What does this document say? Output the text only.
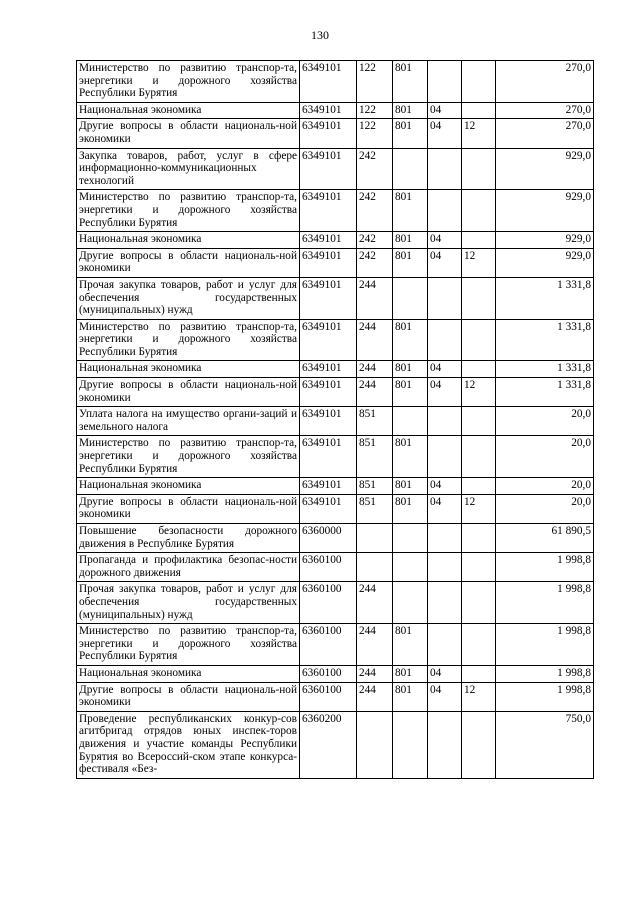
130
Министерство по развитию транспор-та, энергетики и дорожного хозяйства Республики Бурятия	6349101	122	801			270,0
Национальная экономика	6349101	122	801	04		270,0
Другие вопросы в области националь-ной экономики	6349101	122	801	04	12	270,0
Закупка товаров, работ, услуг в сфере информационно-коммуникационных технологий	6349101	242				929,0
Министерство по развитию транспор-та, энергетики и дорожного хозяйства Республики Бурятия	6349101	242	801			929,0
Национальная экономика	6349101	242	801	04		929,0
Другие вопросы в области националь-ной экономики	6349101	242	801	04	12	929,0
Прочая закупка товаров, работ и услуг для обеспечения государственных (муниципальных) нужд	6349101	244				1 331,8
Министерство по развитию транспор-та, энергетики и дорожного хозяйства Республики Бурятия	6349101	244	801			1 331,8
Национальная экономика	6349101	244	801	04		1 331,8
Другие вопросы в области националь-ной экономики	6349101	244	801	04	12	1 331,8
Уплата налога на имущество органи-заций и земельного налога	6349101	851				20,0
Министерство по развитию транспор-та, энергетики и дорожного хозяйства Республики Бурятия	6349101	851	801			20,0
Национальная экономика	6349101	851	801	04		20,0
Другие вопросы в области националь-ной экономики	6349101	851	801	04	12	20,0
Повышение безопасности дорожного движения в Республике Бурятия	6360000					61 890,5
Пропаганда и профилактика безопас-ности дорожного движения	6360100					1 998,8
Прочая закупка товаров, работ и услуг для обеспечения государственных (муниципальных) нужд	6360100	244				1 998,8
Министерство по развитию транспор-та, энергетики и дорожного хозяйства Республики Бурятия	6360100	244	801			1 998,8
Национальная экономика	6360100	244	801	04		1 998,8
Другие вопросы в области националь-ной экономики	6360100	244	801	04	12	1 998,8
Проведение республиканских конкур-сов агитбригад отрядов юных инспек-торов движения и участие команды Республики Бурятия во Всероссий-ском этапе конкурса-фестиваля «Без-	6360200					750,0
